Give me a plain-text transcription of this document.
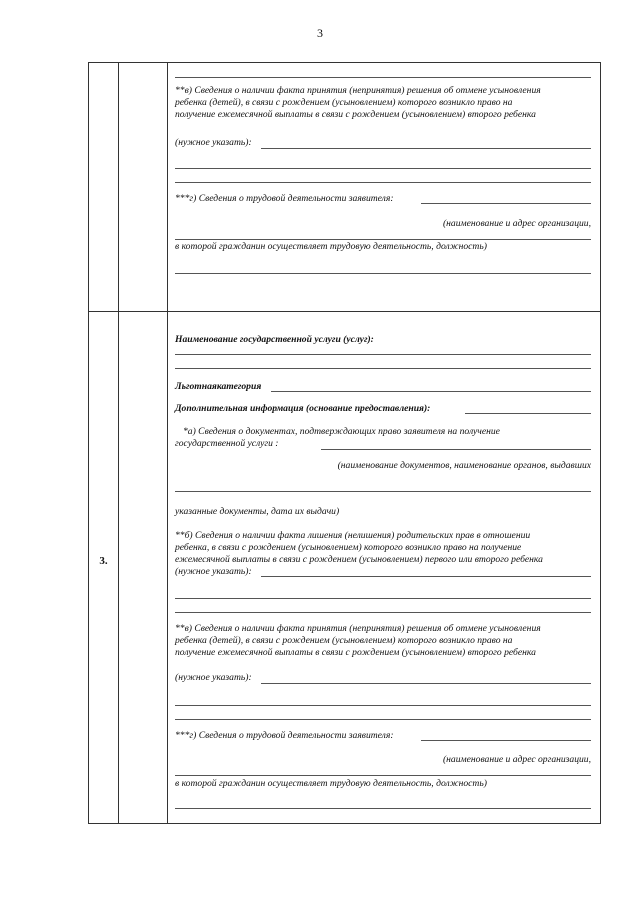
3
3.
**в) Сведения о наличии факта принятия (непринятия) решения об отмене усыновления
ребенка (детей), в связи с рождением (усыновлением) которого возникло право на
получение ежемесячной выплаты в связи с рождением (усыновлением) второго ребенка
(нужное указать):
***г) Сведения о трудовой деятельности заявителя:
(наименование и адрес организации,
в которой гражданин осуществляет трудовую деятельность, должность)
Наименование государственной услуги (услуг):
Льготнаякатегория
Дополнительная информация (основание предоставления):
*а) Сведения о документах, подтверждающих право заявителя на получение
государственной услуги :
(наименование документов, наименование органов, выдавших
указанные документы, дата их выдачи)
**б) Сведения о наличии факта лишения (нелишения) родительских прав в отношении
ребенка, в связи с рождением (усыновлением) которого возникло право на получение
ежемесячной выплаты в связи с рождением (усыновлением) первого или второго ребенка
(нужное указать):
**в) Сведения о наличии факта принятия (непринятия) решения об отмене усыновления
ребенка (детей), в связи с рождением (усыновлением) которого возникло право на
получение ежемесячной выплаты в связи с рождением (усыновлением) второго ребенка
(нужное указать):
***г) Сведения о трудовой деятельности заявителя:
(наименование и адрес организации,
в которой гражданин осуществляет трудовую деятельность, должность)
